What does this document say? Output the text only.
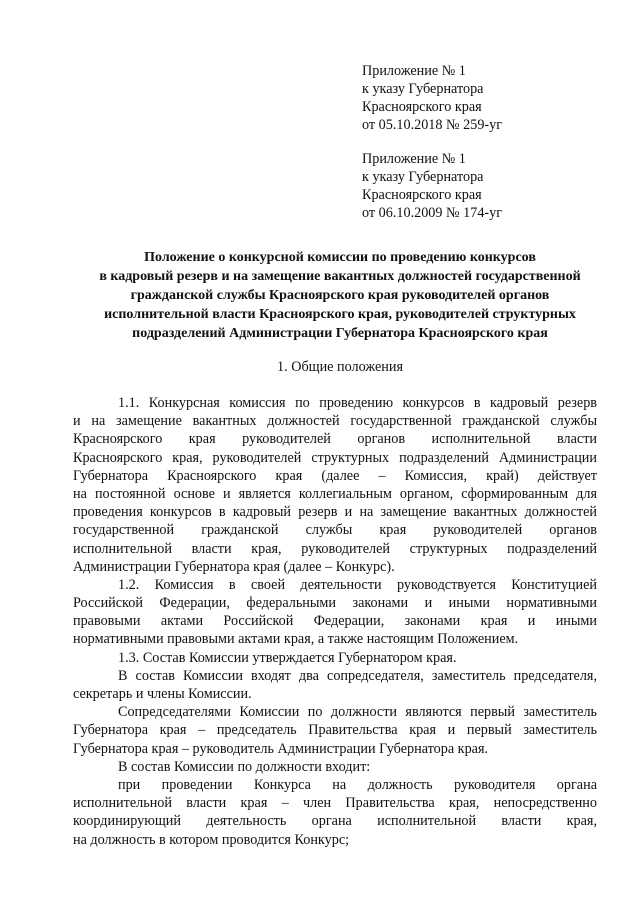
Приложение № 1
к указу Губернатора
Красноярского края
от 05.10.2018 № 259-уг
Приложение № 1
к указу Губернатора
Красноярского края
от 06.10.2009 № 174-уг
Положение о конкурсной комиссии по проведению конкурсов
в кадровый резерв и на замещение вакантных должностей государственной
гражданской службы Красноярского края руководителей органов
исполнительной власти Красноярского края, руководителей структурных
подразделений Администрации Губернатора Красноярского края
1. Общие положения
1.1. Конкурсная комиссия по проведению конкурсов в кадровый резерв
и на замещение вакантных должностей государственной гражданской службы
Красноярского края руководителей органов исполнительной власти
Красноярского края, руководителей структурных подразделений Администрации
Губернатора Красноярского края (далее – Комиссия, край) действует
на постоянной основе и является коллегиальным органом, сформированным для
проведения конкурсов в кадровый резерв и на замещение вакантных должностей
государственной гражданской службы края руководителей органов
исполнительной власти края, руководителей структурных подразделений
Администрации Губернатора края (далее – Конкурс).
1.2. Комиссия в своей деятельности руководствуется Конституцией
Российской Федерации, федеральными законами и иными нормативными
правовыми актами Российской Федерации, законами края и иными
нормативными правовыми актами края, а также настоящим Положением.
1.3. Состав Комиссии утверждается Губернатором края.
В состав Комиссии входят два сопредседателя, заместитель председателя,
секретарь и члены Комиссии.
Сопредседателями Комиссии по должности являются первый заместитель
Губернатора края – председатель Правительства края и первый заместитель
Губернатора края – руководитель Администрации Губернатора края.
В состав Комиссии по должности входит:
при проведении Конкурса на должность руководителя органа
исполнительной власти края – член Правительства края, непосредственно
координирующий деятельность органа исполнительной власти края,
на должность в котором проводится Конкурс;
